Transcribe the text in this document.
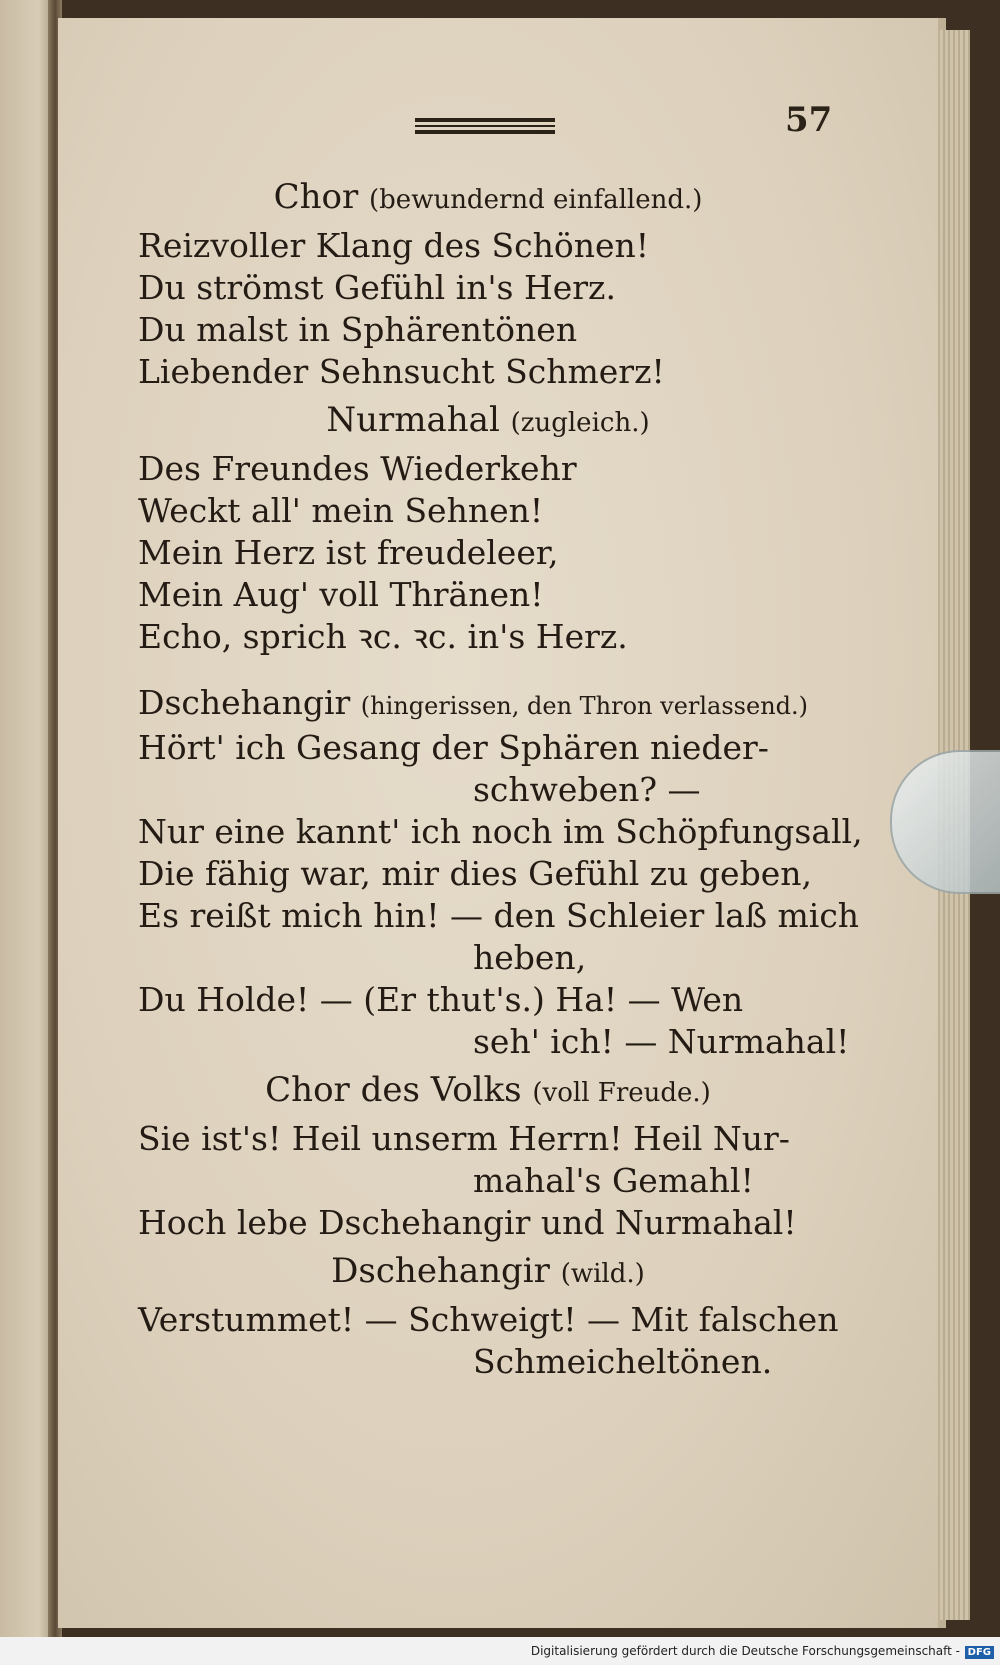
57
Chor (bewundernd einfallend.)
Reizvoller Klang des Schönen!
Du strömst Gefühl in's Herz.
Du malst in Sphärentönen
Liebender Sehnsucht Schmerz!
Nurmahal (zugleich.)
Des Freundes Wiederkehr
Weckt all' mein Sehnen!
Mein Herz ist freudeleer,
Mein Aug' voll Thränen!
Echo, sprich ꝛc. ꝛc. in's Herz.
Dschehangir (hingerissen, den Thron verlassend.)
Hört' ich Gesang der Sphären nieder-
schweben? —
Nur eine kannt' ich noch im Schöpfungsall,
Die fähig war, mir dies Gefühl zu geben,
Es reißt mich hin! — den Schleier laß mich
heben,
Du Holde! — (Er thut's.) Ha! — Wen
seh' ich! — Nurmahal!
Chor des Volks (voll Freude.)
Sie ist's! Heil unserm Herrn! Heil Nur-
mahal's Gemahl!
Hoch lebe Dschehangir und Nurmahal!
Dschehangir (wild.)
Verstummet! — Schweigt! — Mit falschen
Schmeicheltönen.
Digitalisierung gefördert durch die Deutsche Forschungsgemeinschaft - DFG
